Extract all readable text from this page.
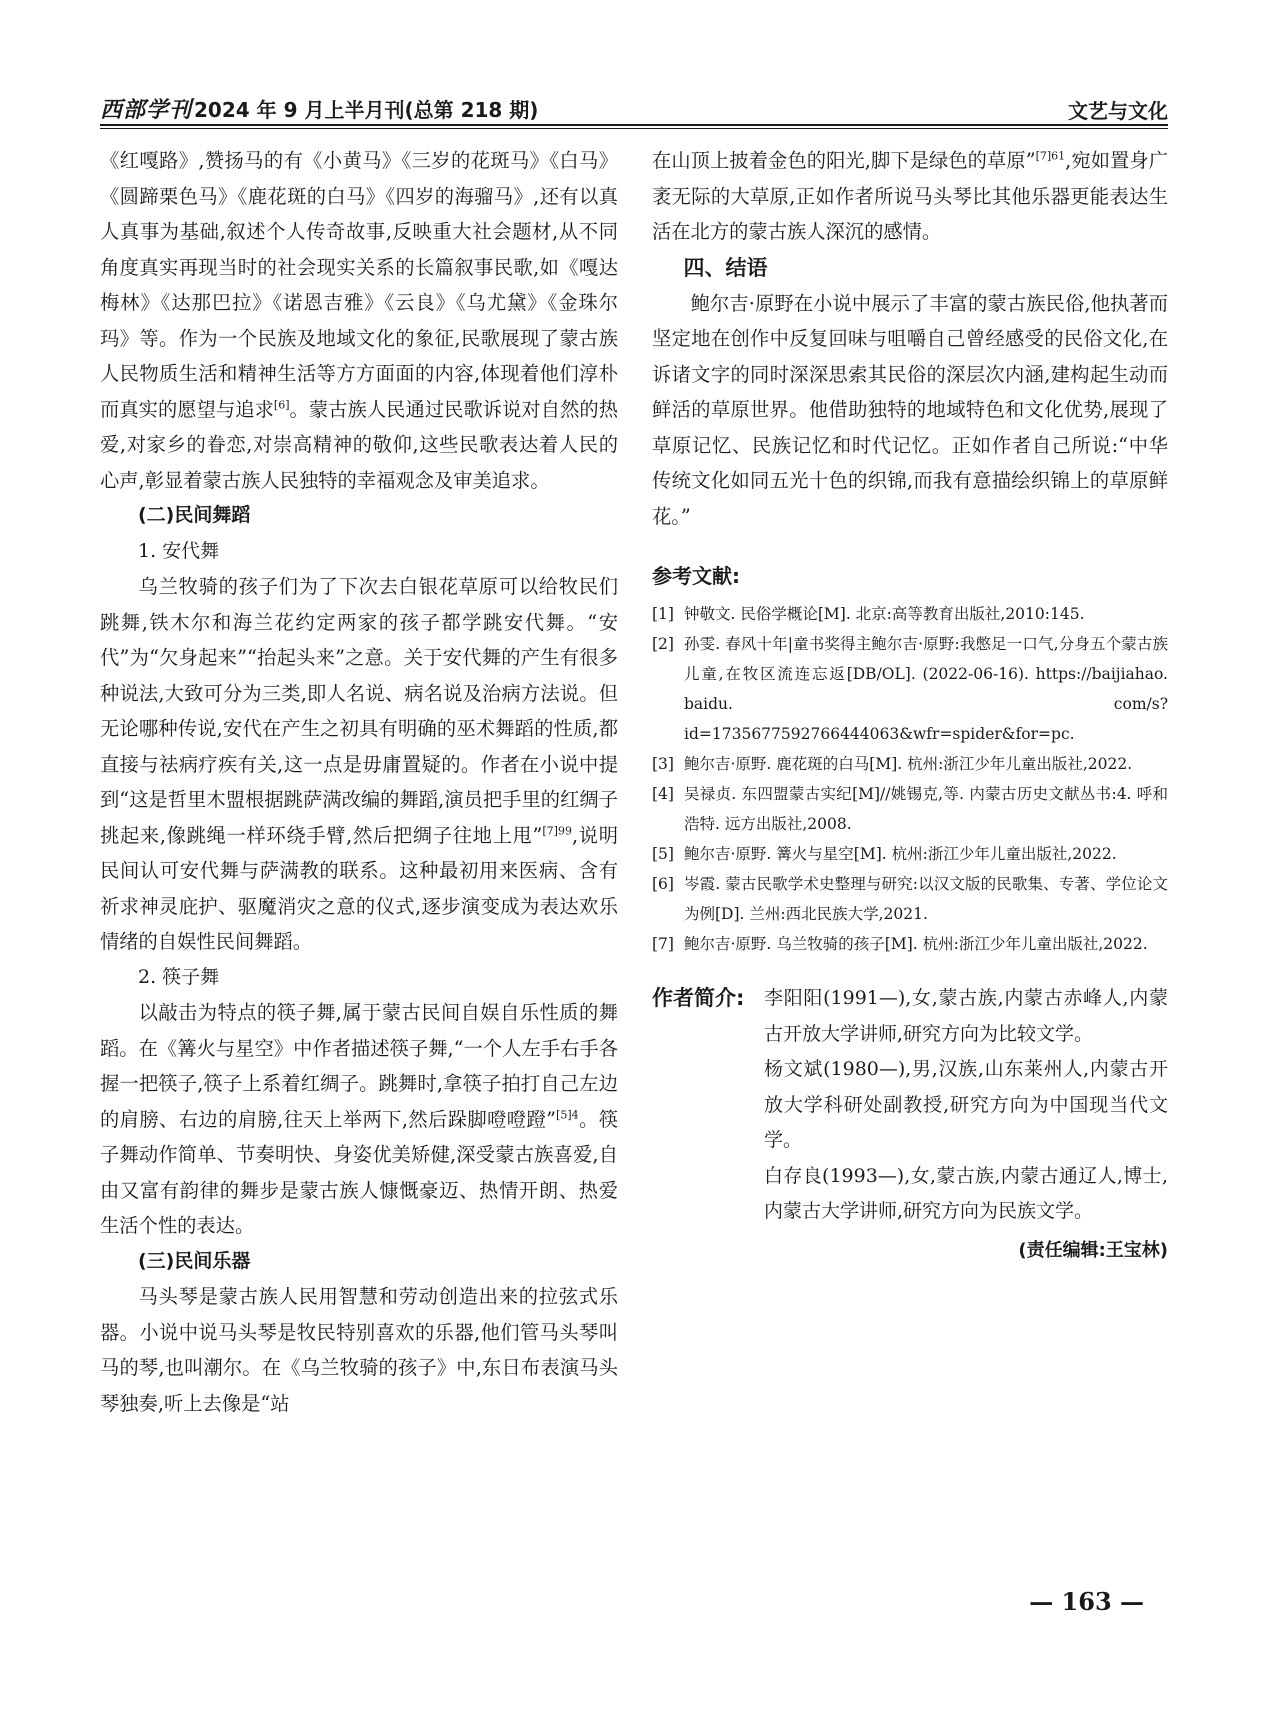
西部学刊 2024 年 9 月上半月刊(总第 218 期)	文艺与文化

《红嘎路》,赞扬马的有《小黄马》《三岁的花斑马》《白马》《圆蹄栗色马》《鹿花斑的白马》《四岁的海骝马》,还有以真人真事为基础,叙述个人传奇故事,反映重大社会题材,从不同角度真实再现当时的社会现实关系的长篇叙事民歌,如《嘎达梅林》《达那巴拉》《诺恩吉雅》《云良》《乌尤黛》《金珠尔玛》等。作为一个民族及地域文化的象征,民歌展现了蒙古族人民物质生活和精神生活等方方面面的内容,体现着他们淳朴而真实的愿望与追求[6]。蒙古族人民通过民歌诉说对自然的热爱,对家乡的眷恋,对崇高精神的敬仰,这些民歌表达着人民的心声,彰显着蒙古族人民独特的幸福观念及审美追求。

(二)民间舞蹈

1. 安代舞

乌兰牧骑的孩子们为了下次去白银花草原可以给牧民们跳舞,铁木尔和海兰花约定两家的孩子都学跳安代舞。“安代”为“欠身起来”“抬起头来”之意。关于安代舞的产生有很多种说法,大致可分为三类,即人名说、病名说及治病方法说。但无论哪种传说,安代在产生之初具有明确的巫术舞蹈的性质,都直接与祛病疗疾有关,这一点是毋庸置疑的。作者在小说中提到“这是哲里木盟根据跳萨满改编的舞蹈,演员把手里的红绸子挑起来,像跳绳一样环绕手臂,然后把绸子往地上甩”$^{[7]99}$,说明民间认可安代舞与萨满教的联系。这种最初用来医病、含有祈求神灵庇护、驱魔消灾之意的仪式,逐步演变成为表达欢乐情绪的自娱性民间舞蹈。

2. 筷子舞

以敲击为特点的筷子舞,属于蒙古民间自娱自乐性质的舞蹈。在《篝火与星空》中作者描述筷子舞,“一个人左手右手各握一把筷子,筷子上系着红绸子。跳舞时,拿筷子拍打自己左边的肩膀、右边的肩膀,往天上举两下,然后跺脚噔噔蹬”$^{[5]4}$。筷子舞动作简单、节奏明快、身姿优美矫健,深受蒙古族喜爱,自由又富有韵律的舞步是蒙古族人慷慨豪迈、热情开朗、热爱生活个性的表达。

(三)民间乐器

马头琴是蒙古族人民用智慧和劳动创造出来的拉弦式乐器。小说中说马头琴是牧民特别喜欢的乐器,他们管马头琴叫马的琴,也叫潮尔。在《乌兰牧骑的孩子》中,东日布表演马头琴独奏,听上去像是“站

在山顶上披着金色的阳光,脚下是绿色的草原”$^{[7]61}$,宛如置身广袤无际的大草原,正如作者所说马头琴比其他乐器更能表达生活在北方的蒙古族人深沉的感情。

四、结语

鲍尔吉·原野在小说中展示了丰富的蒙古族民俗,他执著而坚定地在创作中反复回味与咀嚼自己曾经感受的民俗文化,在诉诸文字的同时深深思索其民俗的深层次内涵,建构起生动而鲜活的草原世界。他借助独特的地域特色和文化优势,展现了草原记忆、民族记忆和时代记忆。正如作者自己所说:“中华传统文化如同五光十色的织锦,而我有意描绘织锦上的草原鲜花。”

参考文献:
[1] 钟敬文. 民俗学概论[M]. 北京:高等教育出版社,2010:145.
[2] 孙雯. 春风十年|童书奖得主鲍尔吉·原野:我憋足一口气,分身五个蒙古族儿童,在牧区流连忘返[DB/OL]. (2022-06-16). https://baijiahao. baidu. com/s? id=1735677592766444063&wfr=spider&for=pc.
[3] 鲍尔吉·原野. 鹿花斑的白马[M]. 杭州:浙江少年儿童出版社,2022.
[4] 吴禄贞. 东四盟蒙古实纪[M]//姚锡克,等. 内蒙古历史文献丛书:4. 呼和浩特. 远方出版社,2008.
[5] 鲍尔吉·原野. 篝火与星空[M]. 杭州:浙江少年儿童出版社,2022.
[6] 岑霞. 蒙古民歌学术史整理与研究:以汉文版的民歌集、专著、学位论文为例[D]. 兰州:西北民族大学,2021.
[7] 鲍尔吉·原野. 乌兰牧骑的孩子[M]. 杭州:浙江少年儿童出版社,2022.
作者简介:	李阳阳(1991—),女,蒙古族,内蒙古赤峰人,内蒙古开放大学讲师,研究方向为比较文学。

杨文斌(1980—),男,汉族,山东莱州人,内蒙古开放大学科研处副教授,研究方向为中国现当代文学。

白存良(1993—),女,蒙古族,内蒙古通辽人,博士,内蒙古大学讲师,研究方向为民族文学。

(责任编辑:王宝林)
— 163 —
